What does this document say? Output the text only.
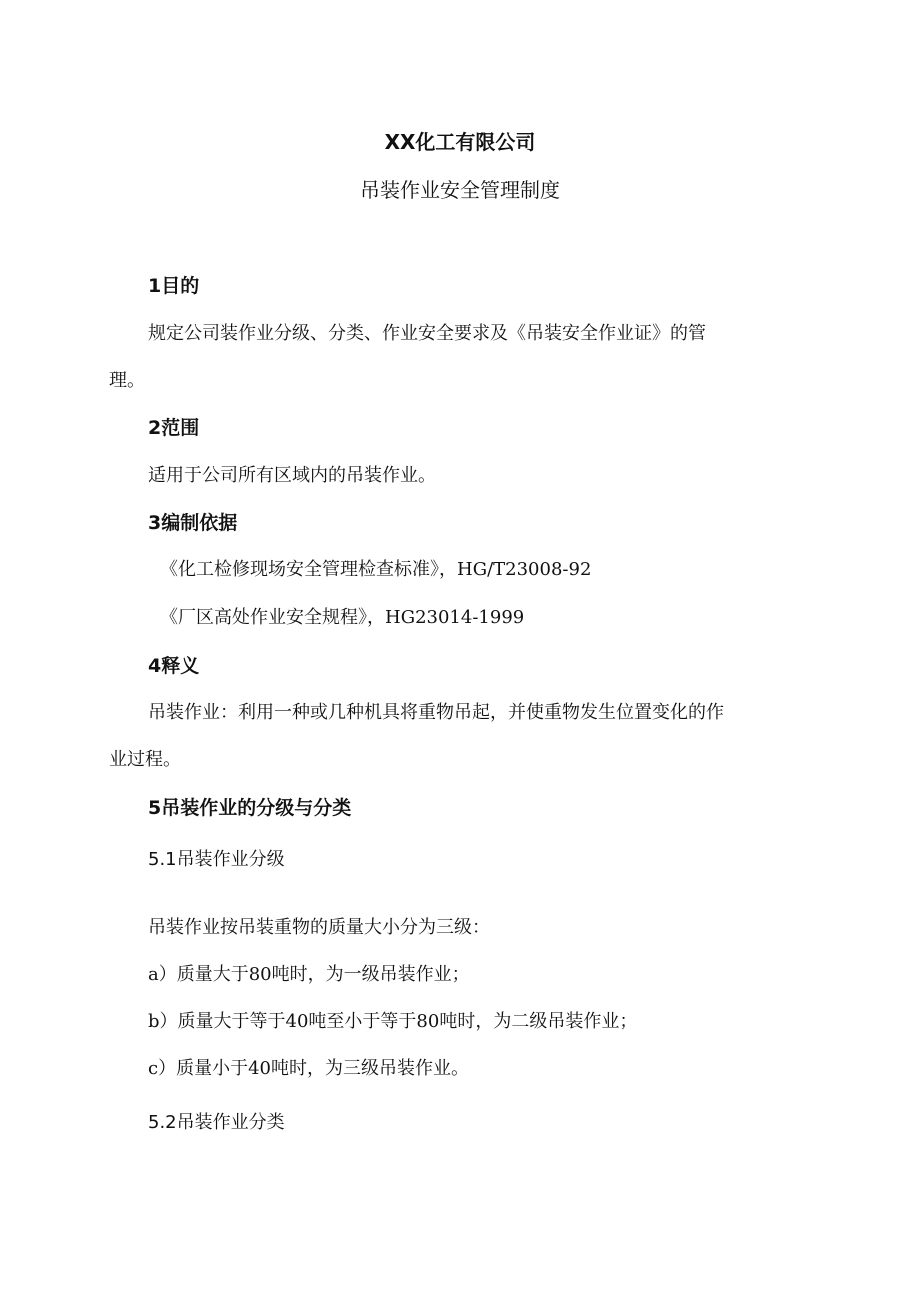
XX化工有限公司
吊装作业安全管理制度
1目的
规定公司装作业分级、分类、作业安全要求及《吊装安全作业证》的管
理。
2范围
适用于公司所有区域内的吊装作业。
3编制依据
《化工检修现场安全管理检查标准》，HG/T23008-92
《厂区高处作业安全规程》，HG23014-1999
4释义
吊装作业：利用一种或几种机具将重物吊起，并使重物发生位置变化的作
业过程。
5吊装作业的分级与分类
5.1吊装作业分级
吊装作业按吊装重物的质量大小分为三级：
a）质量大于80吨时，为一级吊装作业；
b）质量大于等于40吨至小于等于80吨时，为二级吊装作业；
c）质量小于40吨时，为三级吊装作业。
5.2吊装作业分类
